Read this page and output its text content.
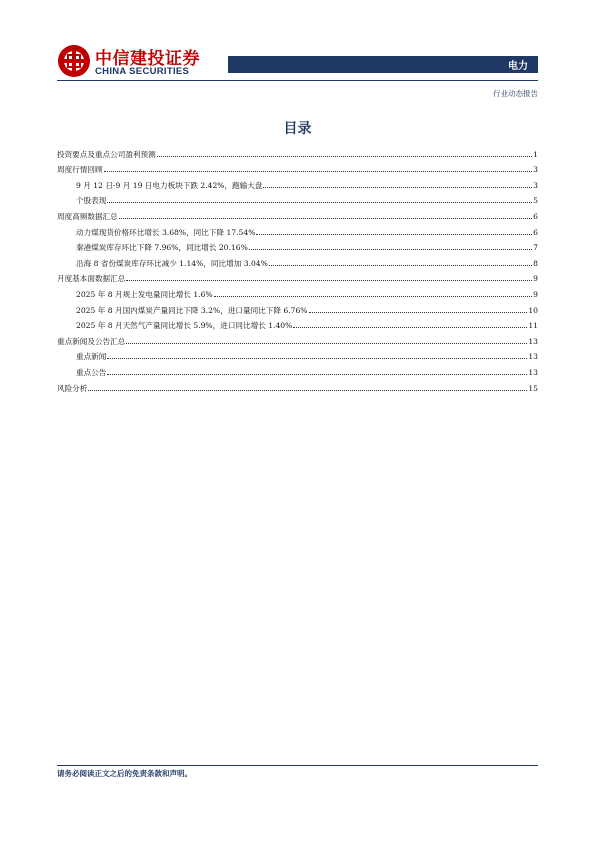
中信建投证券
CHINA SECURITIES	电力
行业动态报告
目录
投资要点及重点公司盈利预测	1
周度行情回顾	3
9 月 12 日-9 月 19 日电力板块下跌 2.42%，跑输大盘	3
个股表现	5
周度高频数据汇总	6
动力煤现货价格环比增长 3.68%，同比下降 17.54%	6
秦港煤炭库存环比下降 7.96%，同比增长 20.16%	7
沿海 8 省份煤炭库存环比减少 1.14%，同比增加 3.04%	8
月度基本面数据汇总	9
2025 年 8 月规上发电量同比增长 1.6%	9
2025 年 8 月国内煤炭产量同比下降 3.2%，进口量同比下降 6.76%	10
2025 年 8 月天然气产量同比增长 5.9%，进口同比增长 1.40%	11
重点新闻及公告汇总	13
重点新闻	13
重点公告	13
风险分析	15
请务必阅读正文之后的免责条款和声明。
